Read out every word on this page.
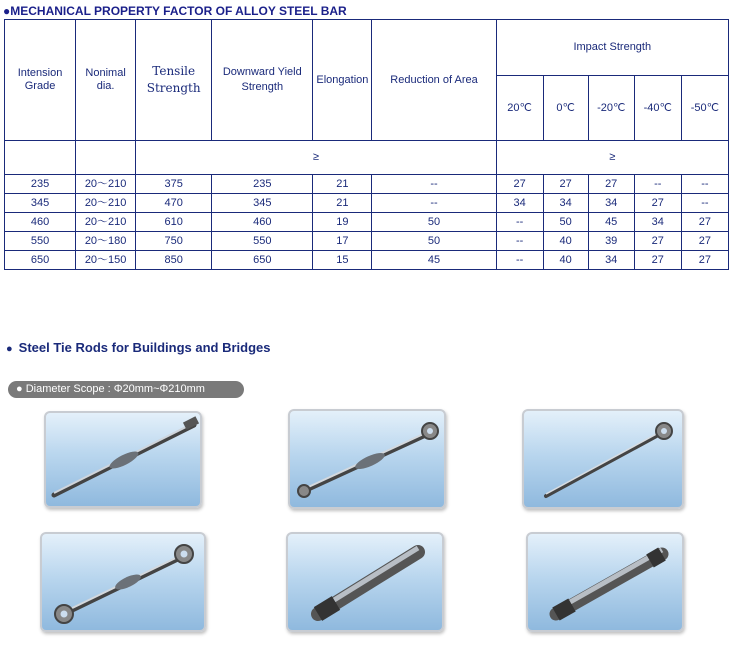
●MECHANICAL PROPERTY FACTOR OF ALLOY STEEL BAR
Intension Grade	Nonimal dia.	Tensile Strength	Downward Yield Strength	Elongation	Reduction of Area	Impact Strength				
						20℃	0℃	-20℃	-40℃	-50℃
		≥				≥				
235	20～210	375	235	21	--	27	27	27	--	--
345	20～210	470	345	21	--	34	34	34	27	--
460	20～210	610	460	19	50	--	50	45	34	27
550	20～180	750	550	17	50	--	40	39	27	27
650	20～150	850	650	15	45	--	40	34	27	27
● Steel Tie Rods for Buildings and Bridges
● Diameter Scope : Φ20mm~Φ210mm
